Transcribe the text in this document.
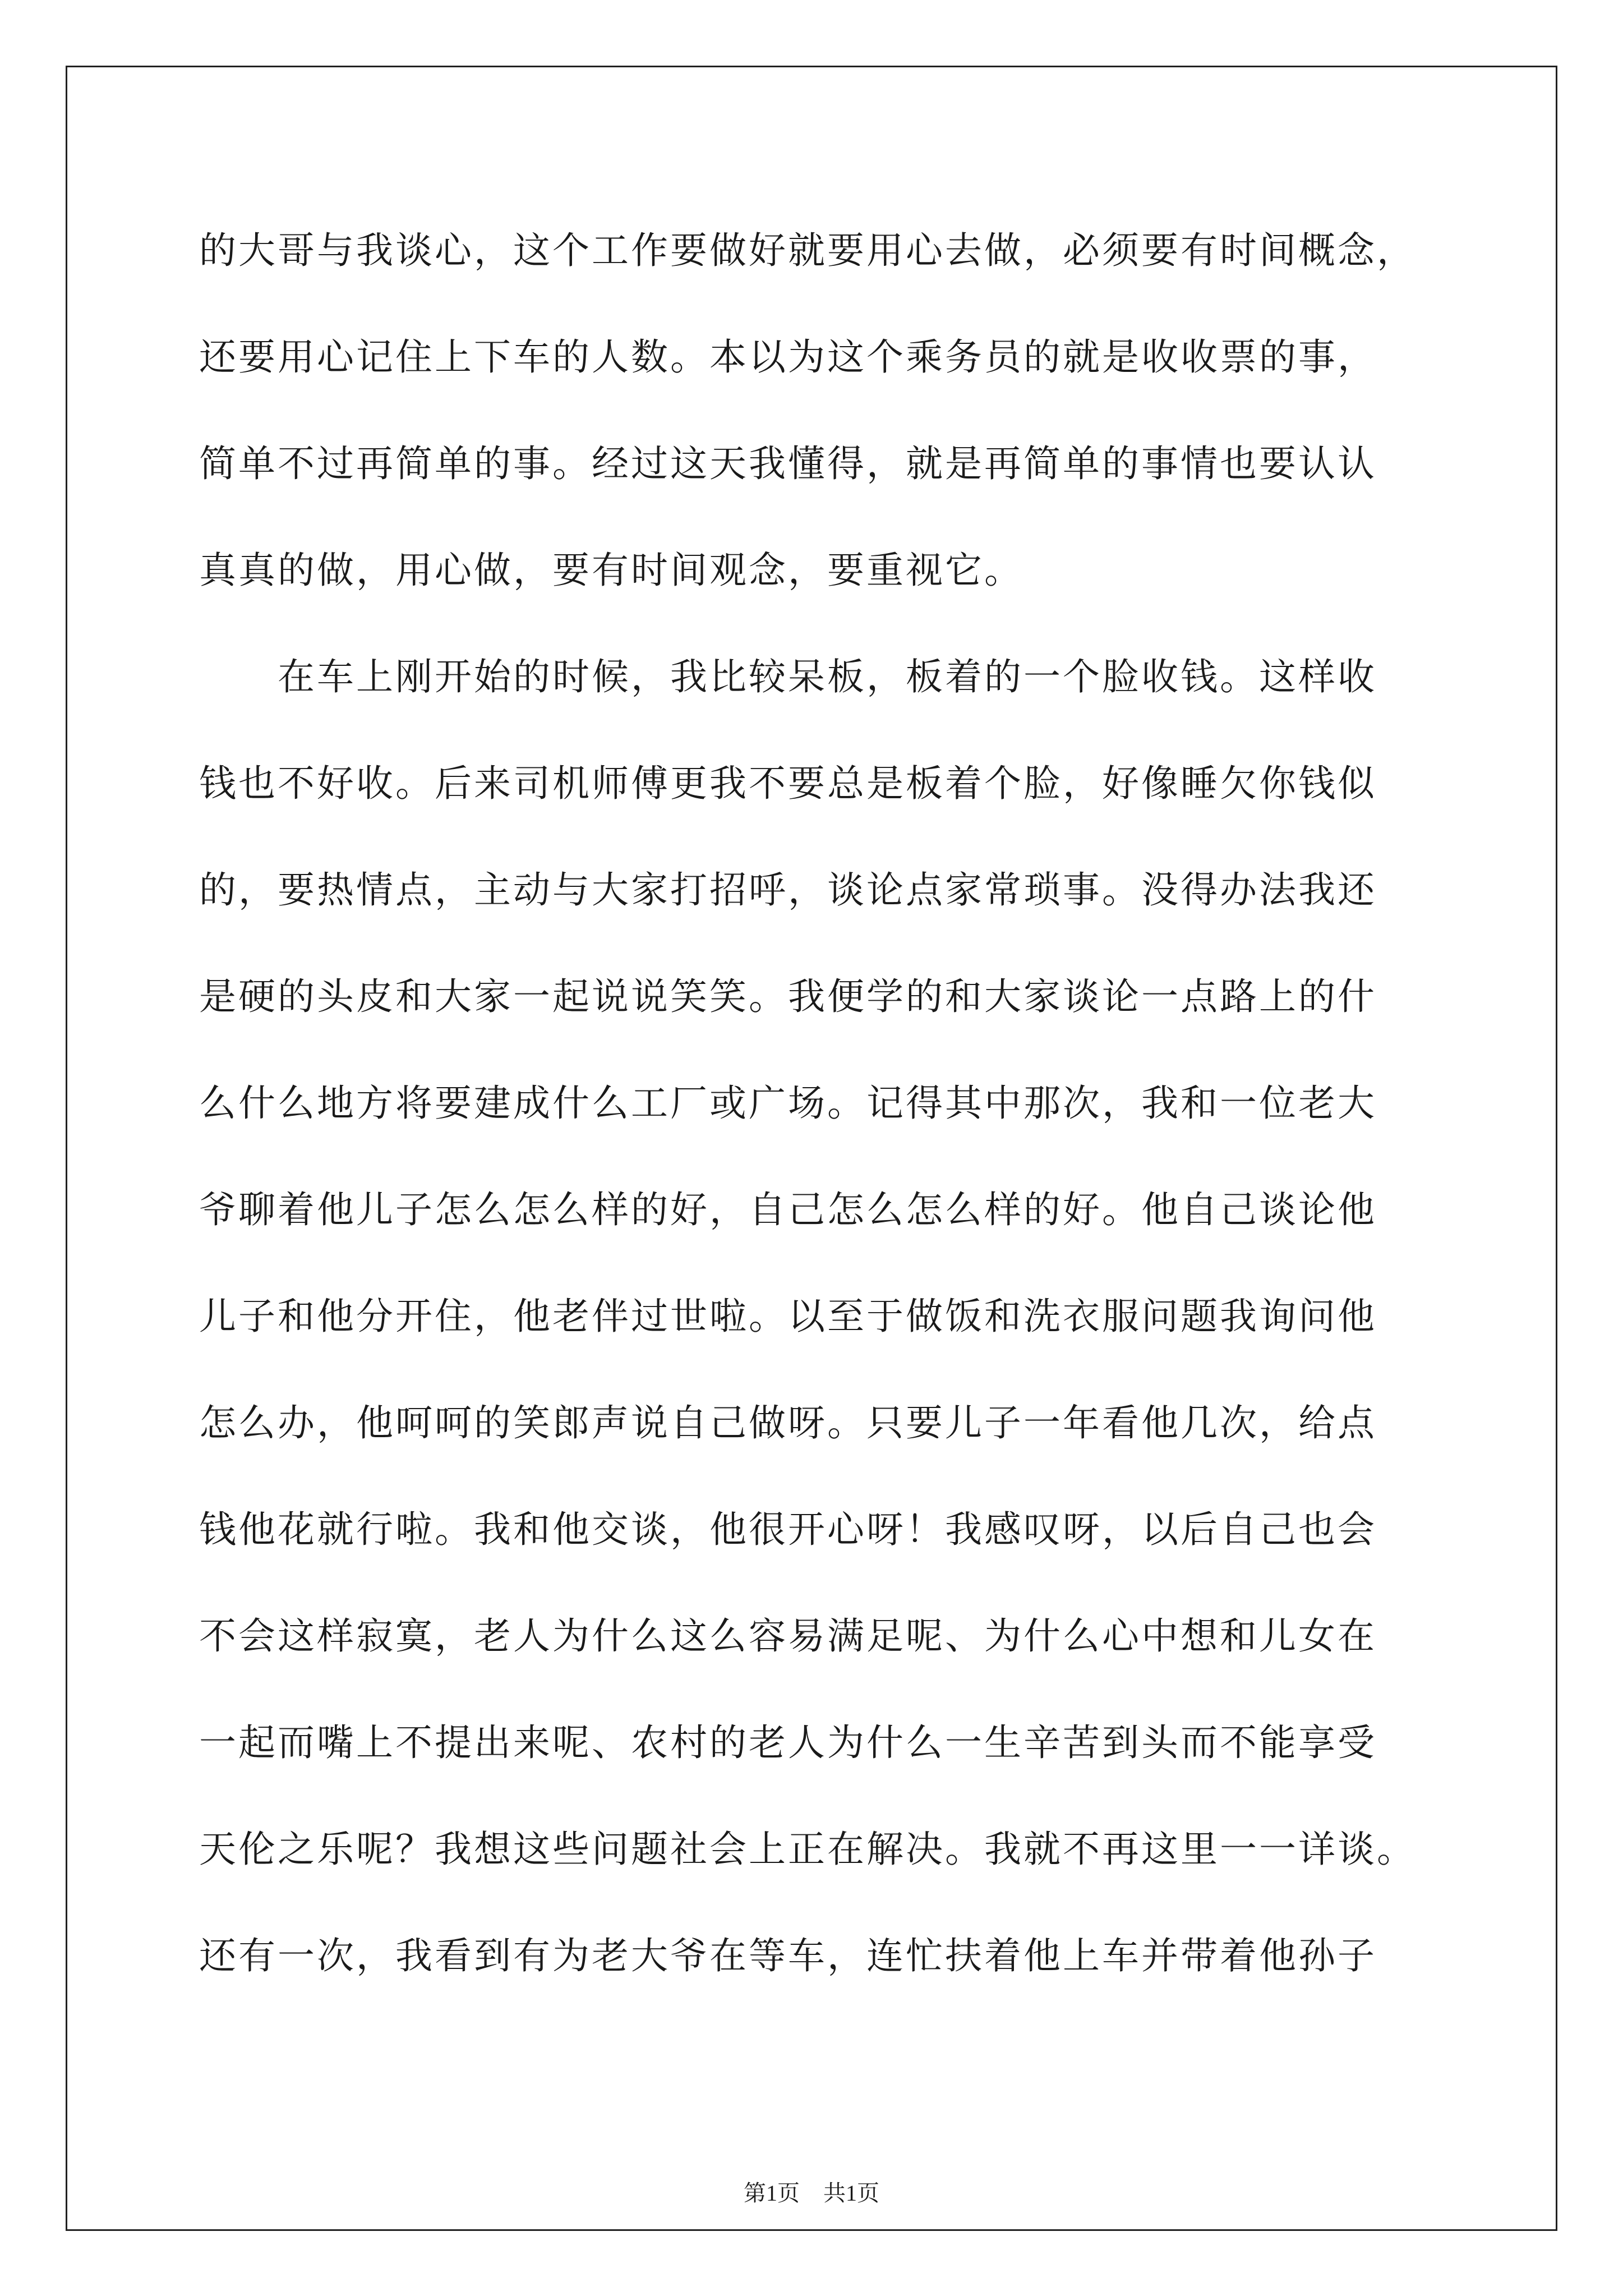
的大哥与我谈心，这个工作要做好就要用心去做，必须要有时间概念，
还要用心记住上下车的人数。本以为这个乘务员的就是收收票的事，
简单不过再简单的事。经过这天我懂得，就是再简单的事情也要认认
真真的做，用心做，要有时间观念，要重视它。
在车上刚开始的时候，我比较呆板，板着的一个脸收钱。这样收
钱也不好收。后来司机师傅更我不要总是板着个脸，好像睡欠你钱似
的，要热情点，主动与大家打招呼，谈论点家常琐事。没得办法我还
是硬的头皮和大家一起说说笑笑。我便学的和大家谈论一点路上的什
么什么地方将要建成什么工厂或广场。记得其中那次，我和一位老大
爷聊着他儿子怎么怎么样的好，自己怎么怎么样的好。他自己谈论他
儿子和他分开住，他老伴过世啦。以至于做饭和洗衣服问题我询问他
怎么办，他呵呵的笑郎声说自己做呀。只要儿子一年看他几次，给点
钱他花就行啦。我和他交谈，他很开心呀！我感叹呀，以后自己也会
不会这样寂寞，老人为什么这么容易满足呢、为什么心中想和儿女在
一起而嘴上不提出来呢、农村的老人为什么一生辛苦到头而不能享受
天伦之乐呢？我想这些问题社会上正在解决。我就不再这里一一详谈。
还有一次，我看到有为老大爷在等车，连忙扶着他上车并带着他孙子
第1页 共1页
